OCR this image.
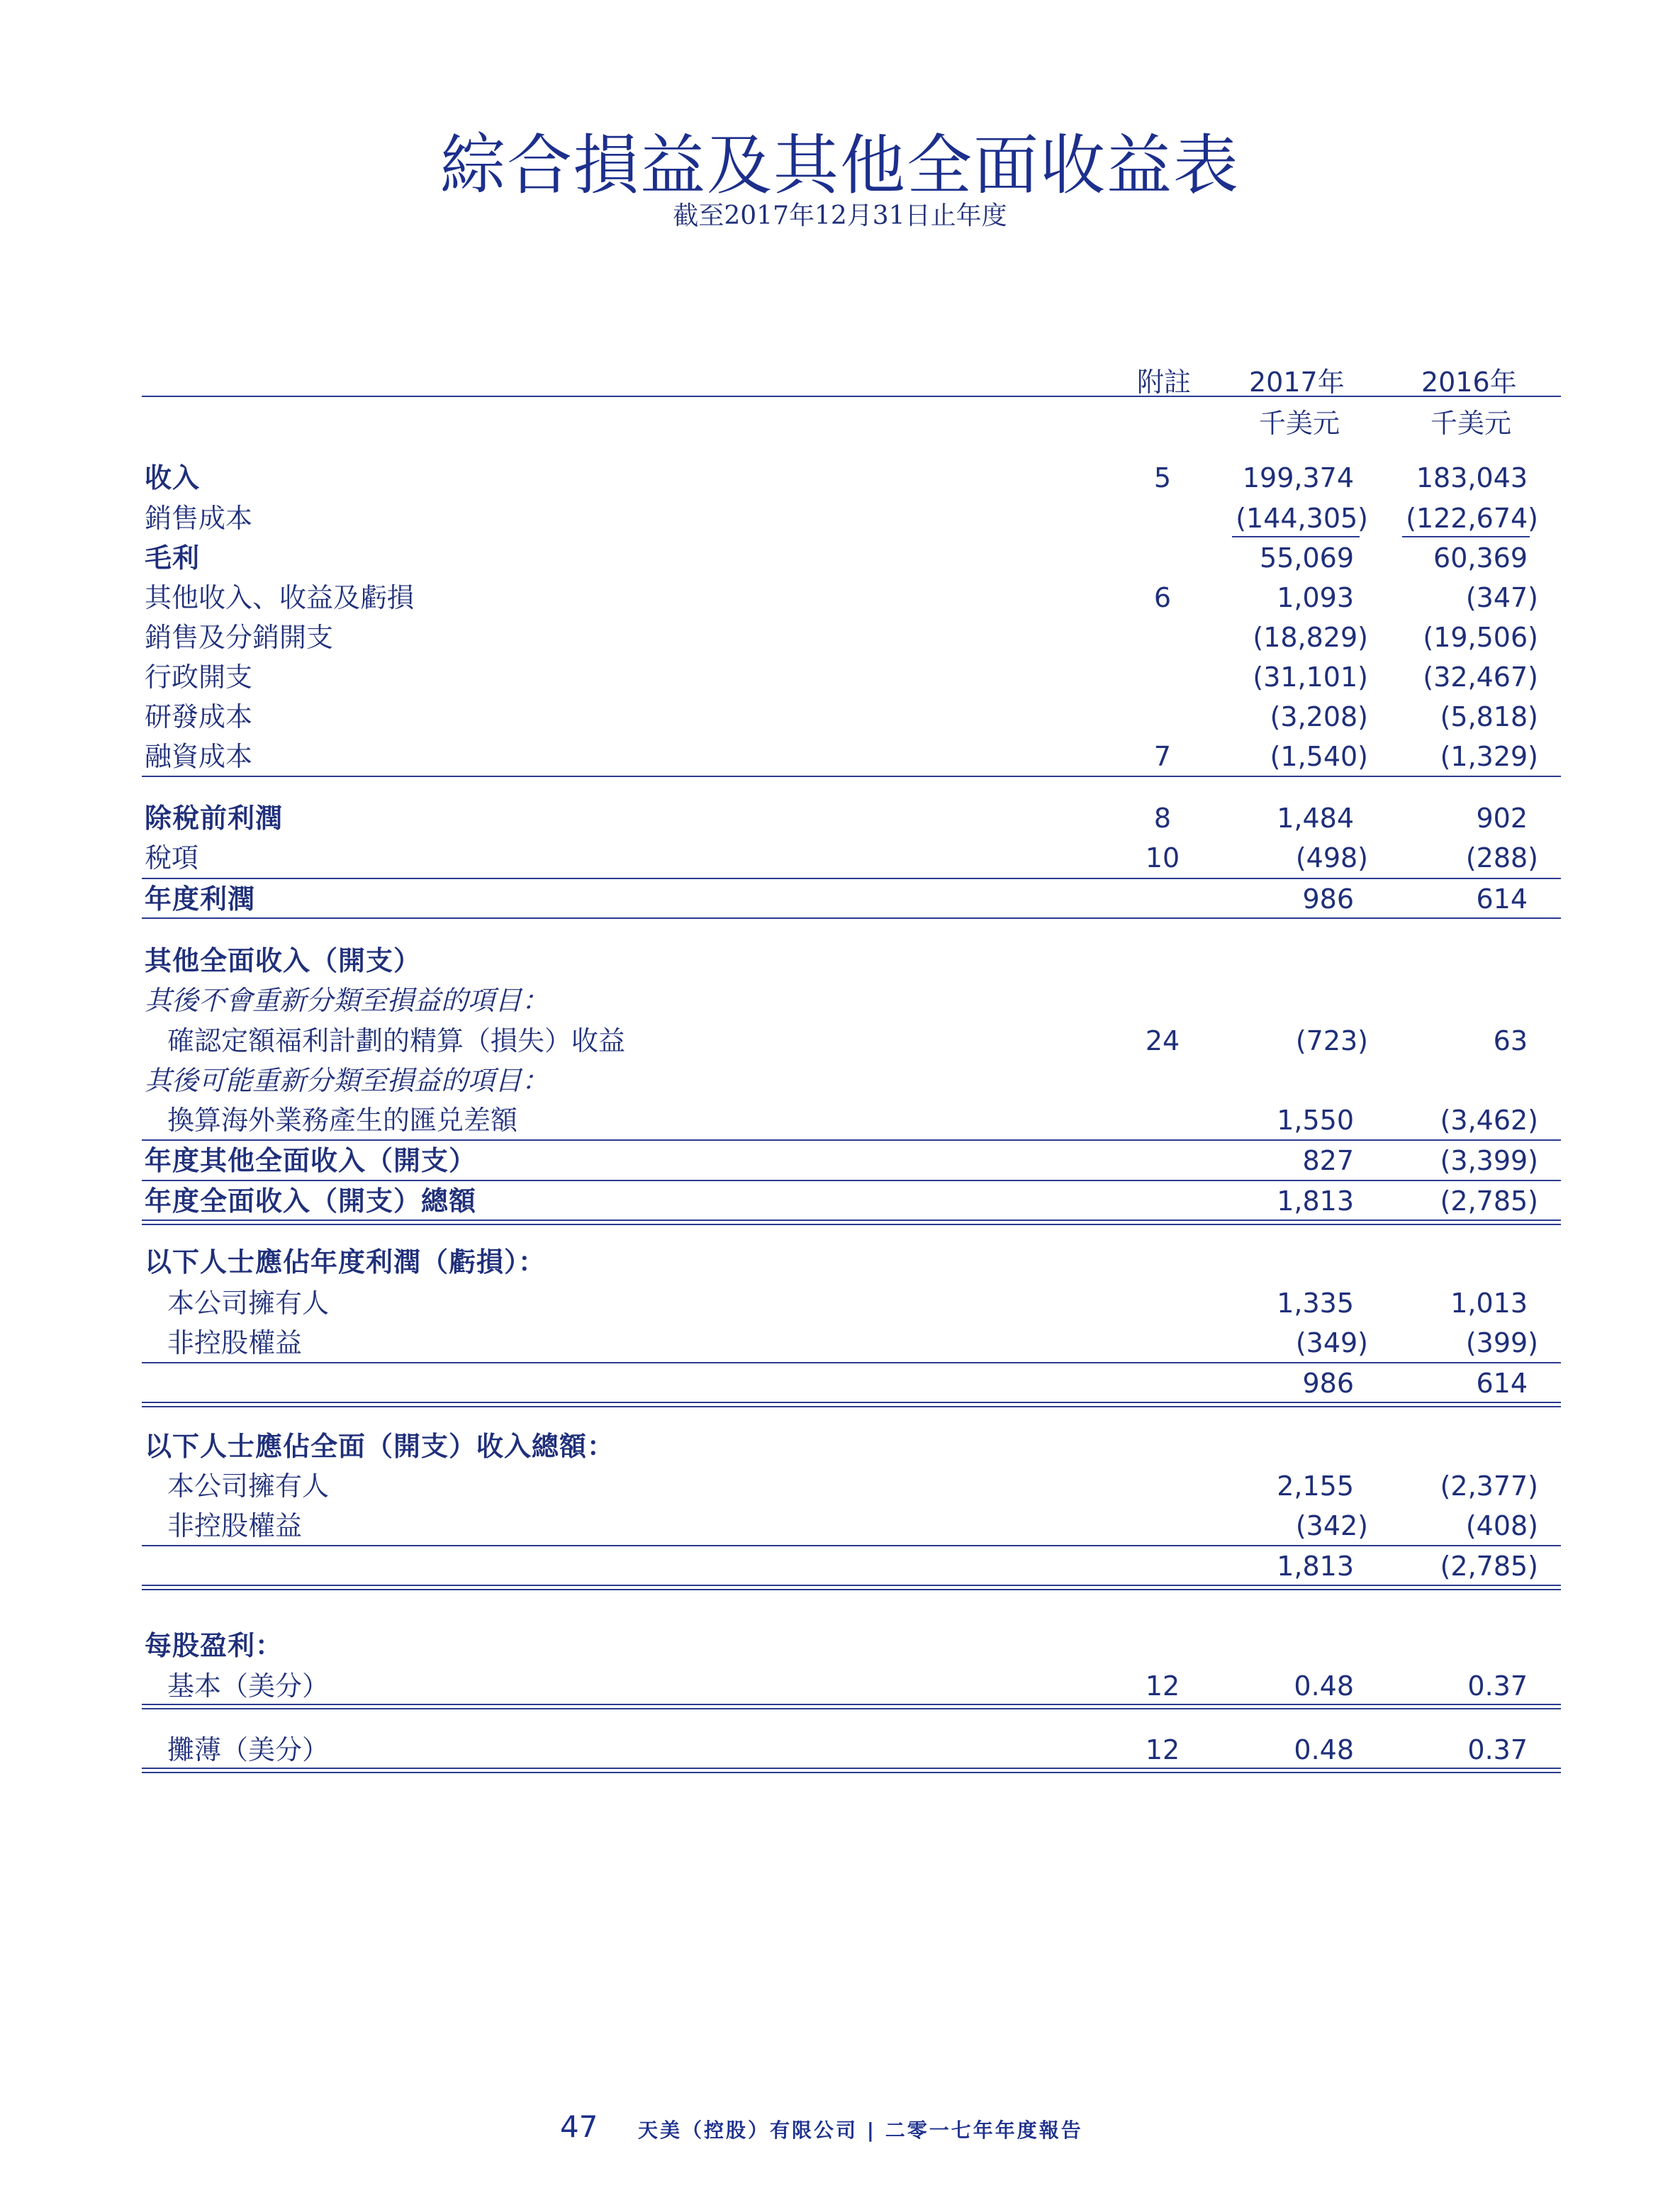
綜合損益及其他全面收益表
截至2017年12月31日止年度
附註 2017年	2016年
千美元	千美元
收入	5	199,374 183,043
銷售成本	(144,305) (122,674)
毛利	55,069	60,369
其他收入、收益及虧損	6	1,093	(347)
銷售及分銷開支	(18,829) (19,506)
行政開支	(31,101) (32,467)
研發成本	(3,208)	(5,818)
融資成本	7	(1,540)	(1,329)
除稅前利潤	8	1,484	902
稅項	10	(498)	(288)
年度利潤	986	614
其他全面收入（開支）
其後不會重新分類至損益的項目：
確認定額福利計劃的精算（損失）收益	24	(723)	63
其後可能重新分類至損益的項目：
換算海外業務產生的匯兑差額	1,550	(3,462)
年度其他全面收入（開支）	827	(3,399)
年度全面收入（開支）總額	1,813	(2,785)
以下人士應佔年度利潤（虧損）：
本公司擁有人	1,335	1,013
非控股權益	(349)	(399)
986	614
以下人士應佔全面（開支）收入總額：
本公司擁有人	2,155	(2,377)
非控股權益	(342)	(408)
1,813	(2,785)
每股盈利：
基本（美分）	12	0.48	0.37
攤薄（美分）	12	0.48	0.37
47 天美（控股）有限公司 | 二零一七年年度報告
